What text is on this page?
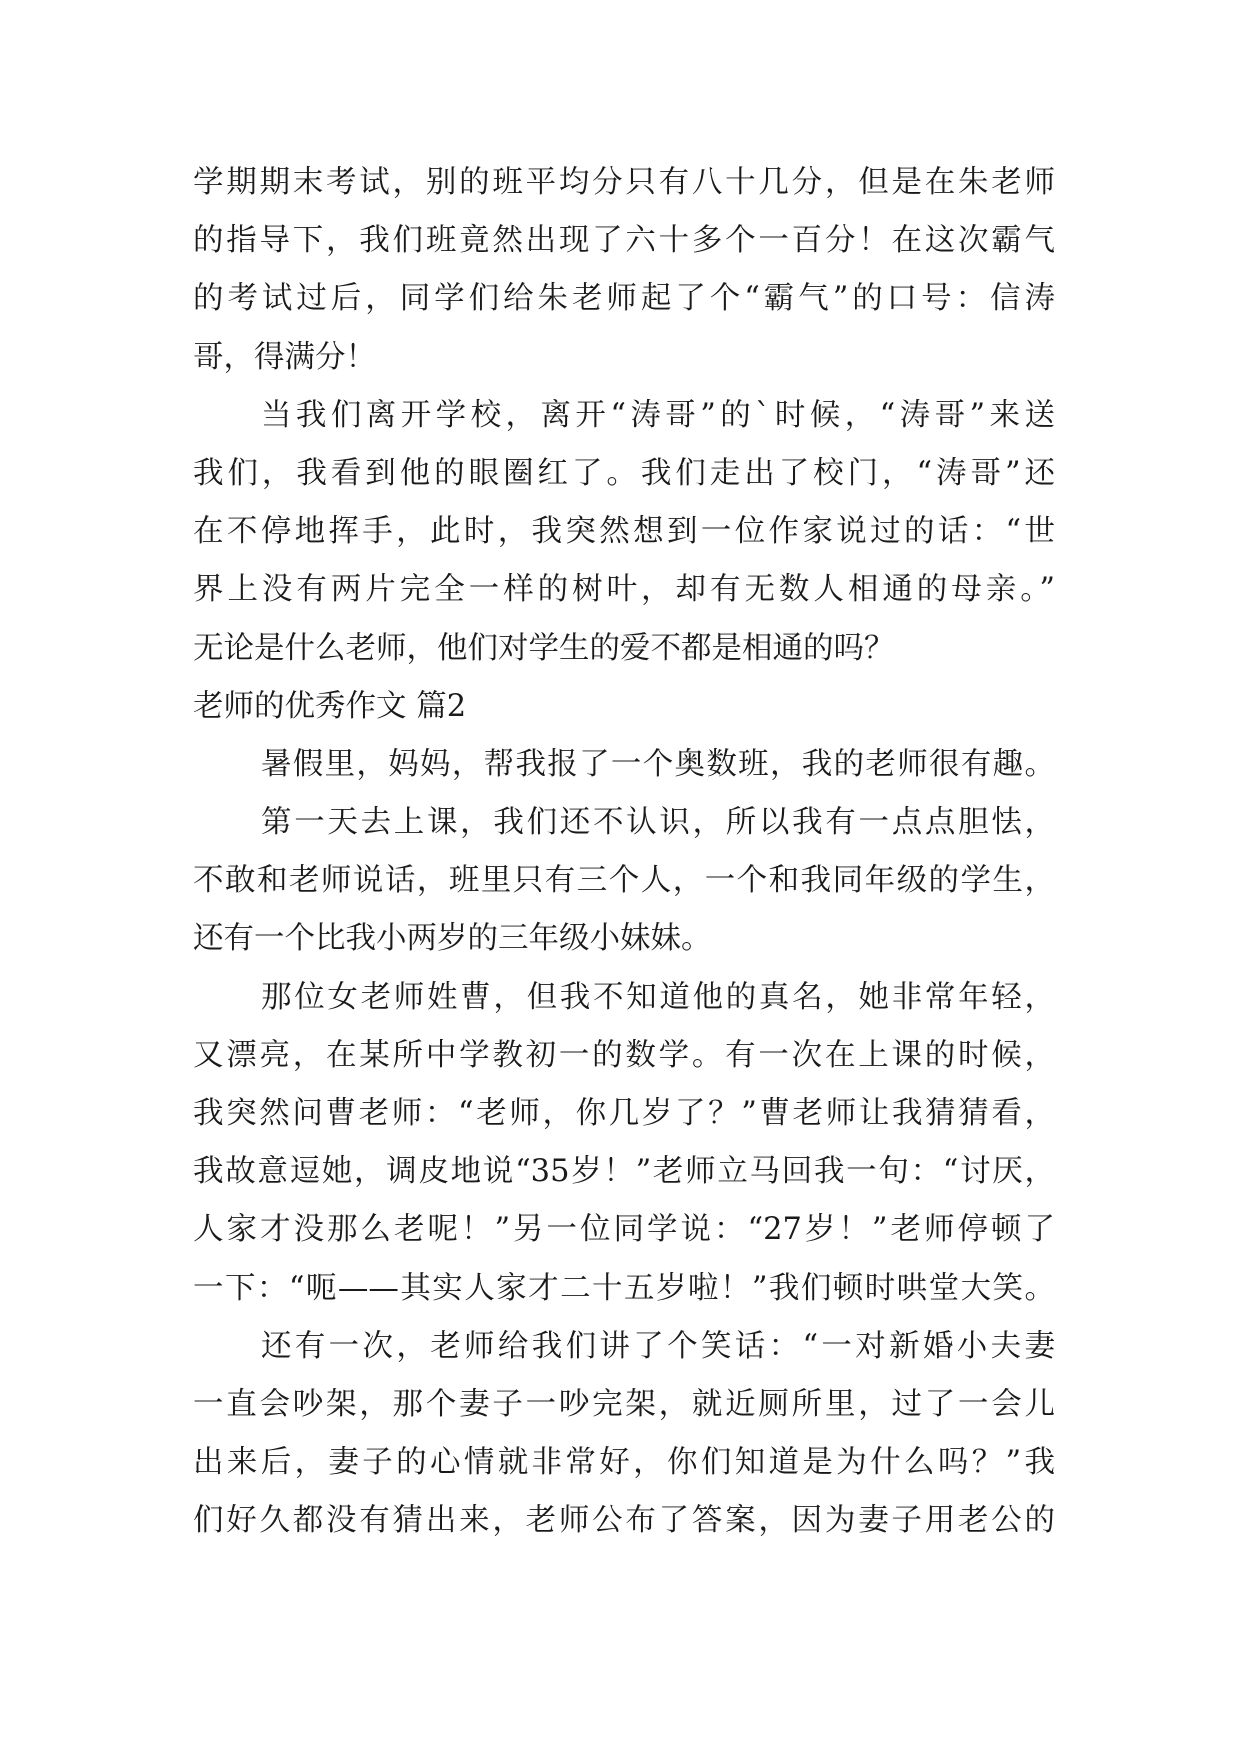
学期期末考试，别的班平均分只有八十几分，但是在朱老师
的指导下，我们班竟然出现了六十多个一百分！在这次霸气
的考试过后，同学们给朱老师起了个“霸气”的口号：信涛
哥，得满分！
当我们离开学校，离开“涛哥”的`时候，“涛哥”来送
我们，我看到他的眼圈红了。我们走出了校门，“涛哥”还
在不停地挥手，此时，我突然想到一位作家说过的话：“世
界上没有两片完全一样的树叶，却有无数人相通的母亲。”
无论是什么老师，他们对学生的爱不都是相通的吗？
老师的优秀作文 篇2
暑假里，妈妈，帮我报了一个奥数班，我的老师很有趣。
第一天去上课，我们还不认识，所以我有一点点胆怯，
不敢和老师说话，班里只有三个人，一个和我同年级的学生，
还有一个比我小两岁的三年级小妹妹。
那位女老师姓曹，但我不知道他的真名，她非常年轻，
又漂亮，在某所中学教初一的数学。有一次在上课的时候，
我突然问曹老师：“老师，你几岁了？”曹老师让我猜猜看，
我故意逗她，调皮地说“35岁！”老师立马回我一句：“讨厌，
人家才没那么老呢！”另一位同学说：“27岁！”老师停顿了
一下：“呃——其实人家才二十五岁啦！”我们顿时哄堂大笑。
还有一次，老师给我们讲了个笑话：“一对新婚小夫妻
一直会吵架，那个妻子一吵完架，就近厕所里，过了一会儿
出来后，妻子的心情就非常好，你们知道是为什么吗？”我
们好久都没有猜出来，老师公布了答案，因为妻子用老公的
